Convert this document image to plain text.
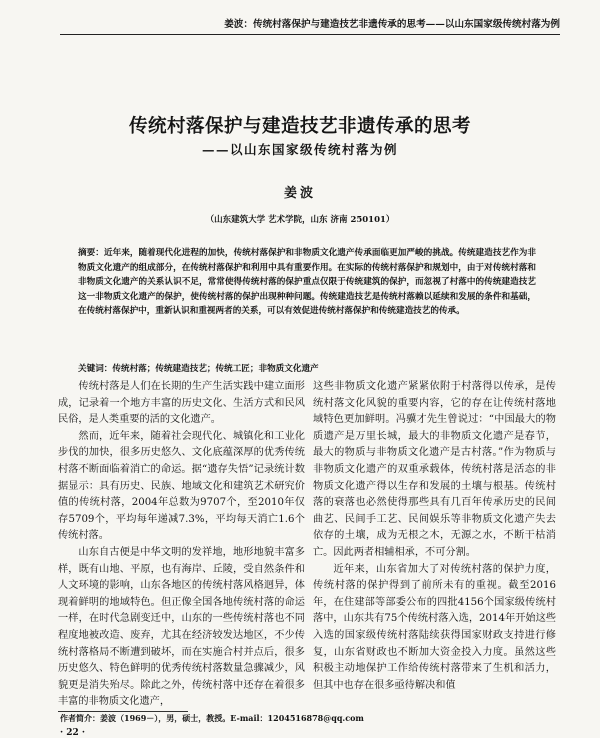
姜波：传统村落保护与建造技艺非遗传承的思考——以山东国家级传统村落为例
传统村落保护与建造技艺非遗传承的思考
——以山东国家级传统村落为例
姜波
（山东建筑大学 艺术学院，山东 济南 250101）
摘要：近年来，随着现代化进程的加快，传统村落保护和非物质文化遗产传承面临更加严峻的挑战。传统建造技艺作为非物质文化遗产的组成部分，在传统村落保护和利用中具有重要作用。在实际的传统村落保护和规划中，由于对传统村落和非物质文化遗产的关系认识不足，常常使得传统村落的保护重点仅限于传统建筑的保护，而忽视了村落中的传统建造技艺这一非物质文化遗产的保护，使传统村落的保护出现种种问题。传统建造技艺是传统村落赖以延续和发展的条件和基础，在传统村落保护中，重新认识和重视两者的关系，可以有效促进传统村落保护和传统建造技艺的传承。
关键词：传统村落；传统建造技艺；传统工匠；非物质文化遗产

传统村落是人们在长期的生产生活实践中建立面形成，记录着一个地方丰富的历史文化、生活方式和民风民俗，是人类重要的活的文化遗产。

然而，近年来，随着社会现代化、城镇化和工业化步伐的加快，很多历史悠久、文化底蕴深厚的优秀传统村落不断面临着消亡的命运。据“遗存失悟”记录统计数据显示：具有历史、民族、地域文化和建筑艺术研究价值的传统村落，2004年总数为9707个，至2010年仅存5709个，平均每年递减7.3%，平均每天消亡1.6个传统村落。

山东自古便是中华文明的发祥地，地形地貌丰富多样，既有山地、平原，也有海岸、丘陵，受自然条件和人文环境的影响，山东各地区的传统村落风格迥异，体现着鲜明的地域特色。但正像全国各地传统村落的命运一样，在时代急剧变迁中，山东的一些传统村落也不同程度地被改造、废弃，尤其在经济较发达地区，不少传统村落格局不断遭到破坏，而在实施合村并点后，很多历史悠久、特色鲜明的优秀传统村落数量急骤减少，风貌更是消失殆尽。除此之外，传统村落中还存在着很多丰富的非物质文化遗产，

这些非物质文化遗产紧紧依附于村落得以传承，是传统村落文化风貌的重要内容，它的存在让传统村落地域特色更加鲜明。冯骥才先生曾说过：“中国最大的物质遗产是万里长城，最大的非物质文化遗产是春节，最大的物质与非物质文化遗产是古村落。”作为物质与非物质文化遗产的双重承载体，传统村落是活态的非物质文化遗产得以生存和发展的土壤与根基。传统村落的衰落也必然使得那些具有几百年传承历史的民间曲艺、民间手工艺、民间娱乐等非物质文化遗产失去依存的土壤，成为无根之木，无源之水，不断干枯消亡。因此两者相辅相承，不可分割。

近年来，山东省加大了对传统村落的保护力度，传统村落的保护得到了前所未有的重视。截至2016年，在住建部等部委公布的四批4156个国家级传统村落中，山东共有75个传统村落入选，2014年开始这些入选的国家级传统村落陆续获得国家财政支持进行修复，山东省财政也不断加大资金投入力度。虽然这些积极主动地保护工作给传统村落带来了生机和活力，但其中也存在很多亟待解决和值

作者简介：姜波（1969－），男，硕士，教授。E-mail：1204516878@qq.com
· 22 ·
